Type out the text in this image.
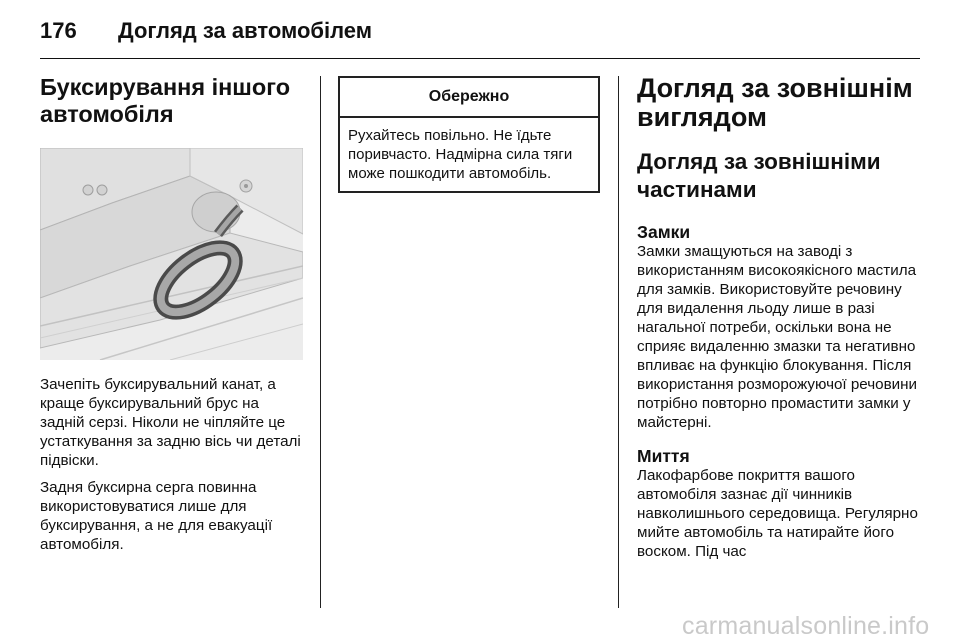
176	Догляд за автомобілем
Буксирування іншого автомобіля

Зачепіть буксирувальний канат, а краще буксирувальний брус на задній серзі. Ніколи не чіпляйте це устаткування за задню вісь чи деталі підвіски.

Задня буксирна серга повинна використовуватися лише для буксирування, а не для евакуації автомобіля.

Обережно
Рухайтесь повільно. Не їдьте поривчасто. Надмірна сила тяги може пошкодити автомобіль.
Догляд за зовнішнім виглядом
Догляд за зовнішніми частинами
Замки

Замки змащуються на заводі з використанням високоякісного мастила для замків. Використовуйте речовину для видалення льоду лише в разі нагальної потреби, оскільки вона не сприяє видаленню змазки та негативно впливає на функцію блокування. Після використання розморожуючої речовини потрібно повторно промастити замки у майстерні.

Миття

Лакофарбове покриття вашого автомобіля зазнає дії чинників навколишнього середовища. Регулярно мийте автомобіль та натирайте його воском. Під час

carmanualsonline.info
